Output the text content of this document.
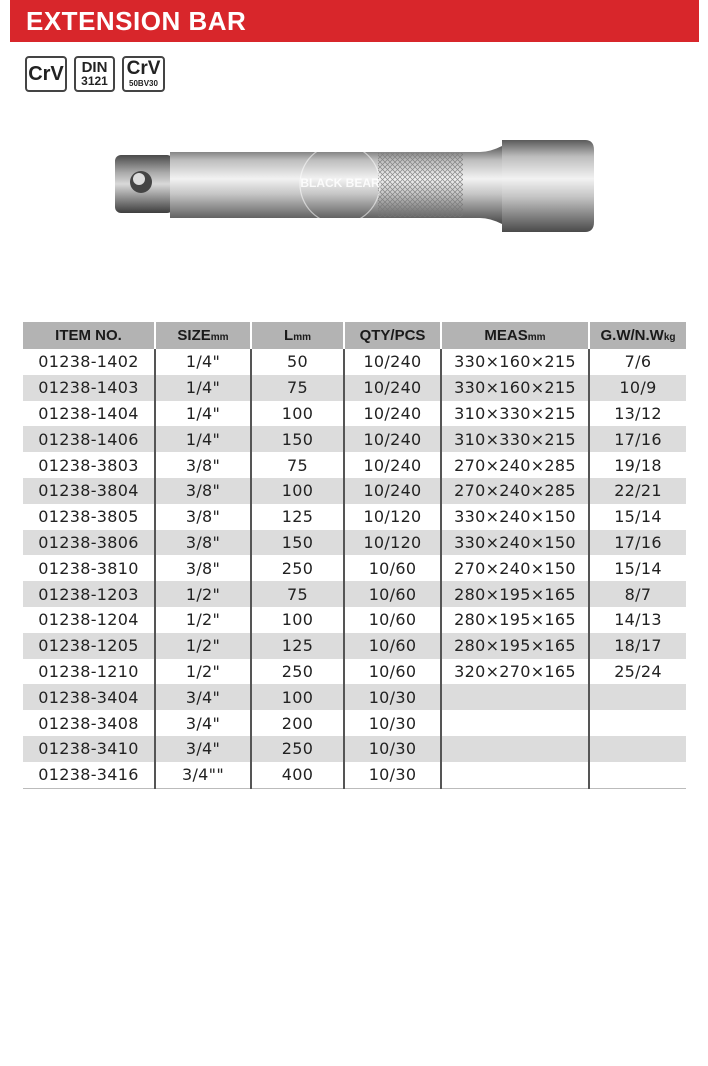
EXTENSION BAR
CrV	DIN
3121
CrV
50BV30
BLACK BEAR
ITEM NO.	SIZEmm	Lmm	QTY/PCS	MEASmm	G.W/N.Wkg
01238-1402	1/4"	50	10/240	330×160×215	7/6
01238-1403	1/4"	75	10/240	330×160×215	10/9
01238-1404	1/4"	100	10/240	310×330×215	13/12
01238-1406	1/4"	150	10/240	310×330×215	17/16
01238-3803	3/8"	75	10/240	270×240×285	19/18
01238-3804	3/8"	100	10/240	270×240×285	22/21
01238-3805	3/8"	125	10/120	330×240×150	15/14
01238-3806	3/8"	150	10/120	330×240×150	17/16
01238-3810	3/8"	250	10/60	270×240×150	15/14
01238-1203	1/2"	75	10/60	280×195×165	8/7
01238-1204	1/2"	100	10/60	280×195×165	14/13
01238-1205	1/2"	125	10/60	280×195×165	18/17
01238-1210	1/2"	250	10/60	320×270×165	25/24
01238-3404	3/4"	100	10/30		
01238-3408	3/4"	200	10/30		
01238-3410	3/4"	250	10/30		
01238-3416	3/4""	400	10/30		
